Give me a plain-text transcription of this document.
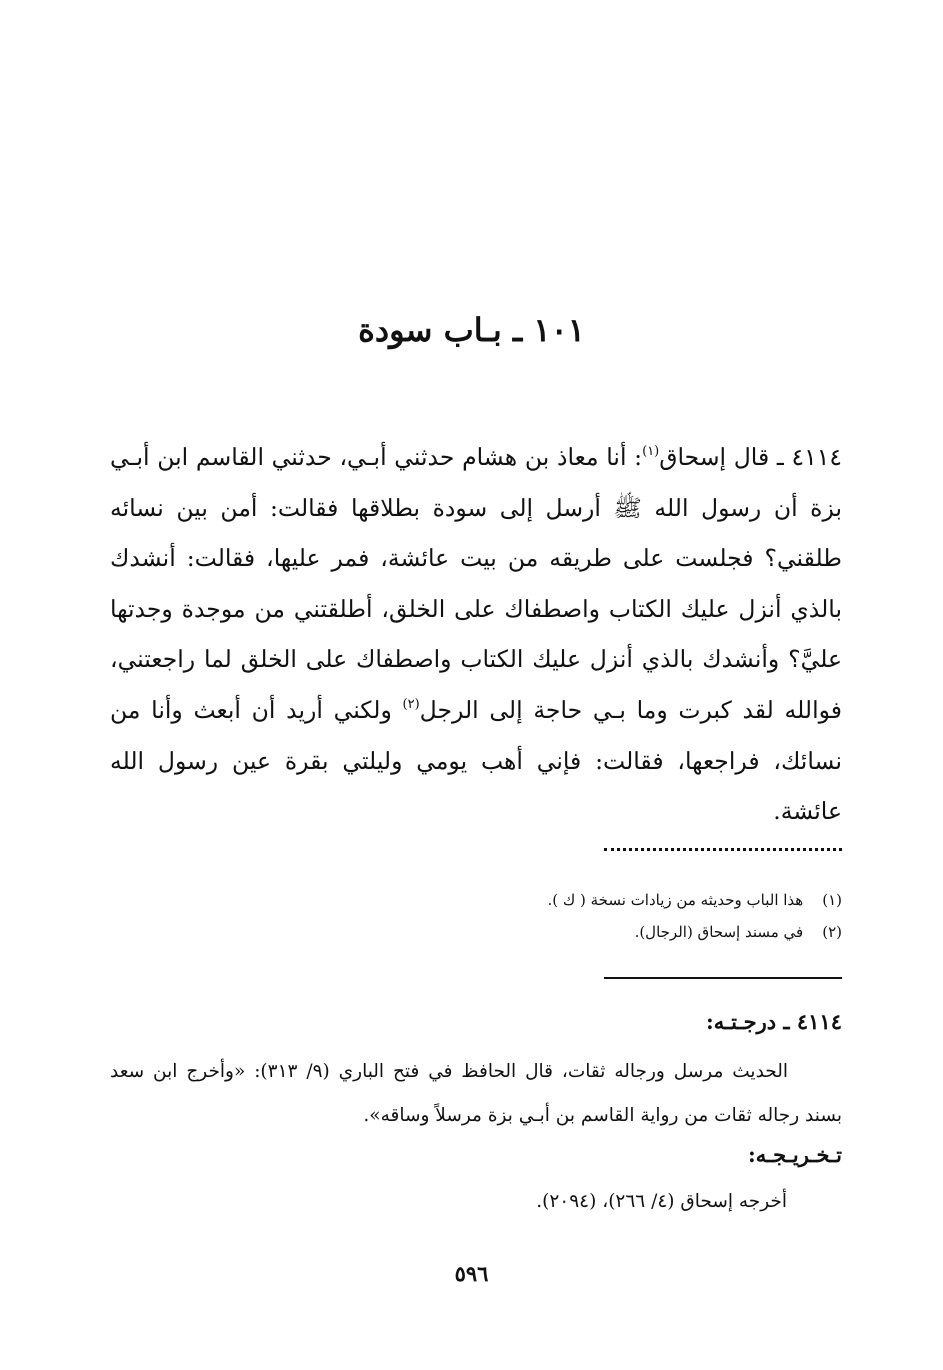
١٠١ ـ بـاب سودة

٤١١٤ ـ قال إسحاق$^{(١)}$: أنا معاذ بن هشام حدثني أبـي، حدثني القاسم ابن أبـي بزة أن رسول الله ﷺ أرسل إلى سودة بطلاقها فقالت: أمن بين نسائه طلقني؟ فجلست على طريقه من بيت عائشة، فمر عليها، فقالت: أنشدك بالذي أنزل عليك الكتاب واصطفاك على الخلق، أطلقتني من موجدة وجدتها عليَّ؟ وأنشدك بالذي أنزل عليك الكتاب واصطفاك على الخلق لما راجعتني، فوالله لقد كبرت وما بـي حاجة إلى الرجل$^{(٢)}$ ولكني أريد أن أبعث وأنا من نسائك، فراجعها، فقالت: فإني أهب يومي وليلتي بقرة عين رسول الله عائشة.

(١) هذا الباب وحديثه من زيادات نسخة ( ك ).

(٢) في مسند إسحاق (الرجال).

٤١١٤ ـ درجـتـه:

الحديث مرسل ورجاله ثقات، قال الحافظ في فتح الباري (٩/ ٣١٣): «وأخرج ابن سعد بسند رجاله ثقات من رواية القاسم بن أبـي بزة مرسلاً وساقه».

تـخـريـجـه:
أخرجه إسحاق (٤/ ٢٦٦)، (٢٠٩٤).
٥٩٦
